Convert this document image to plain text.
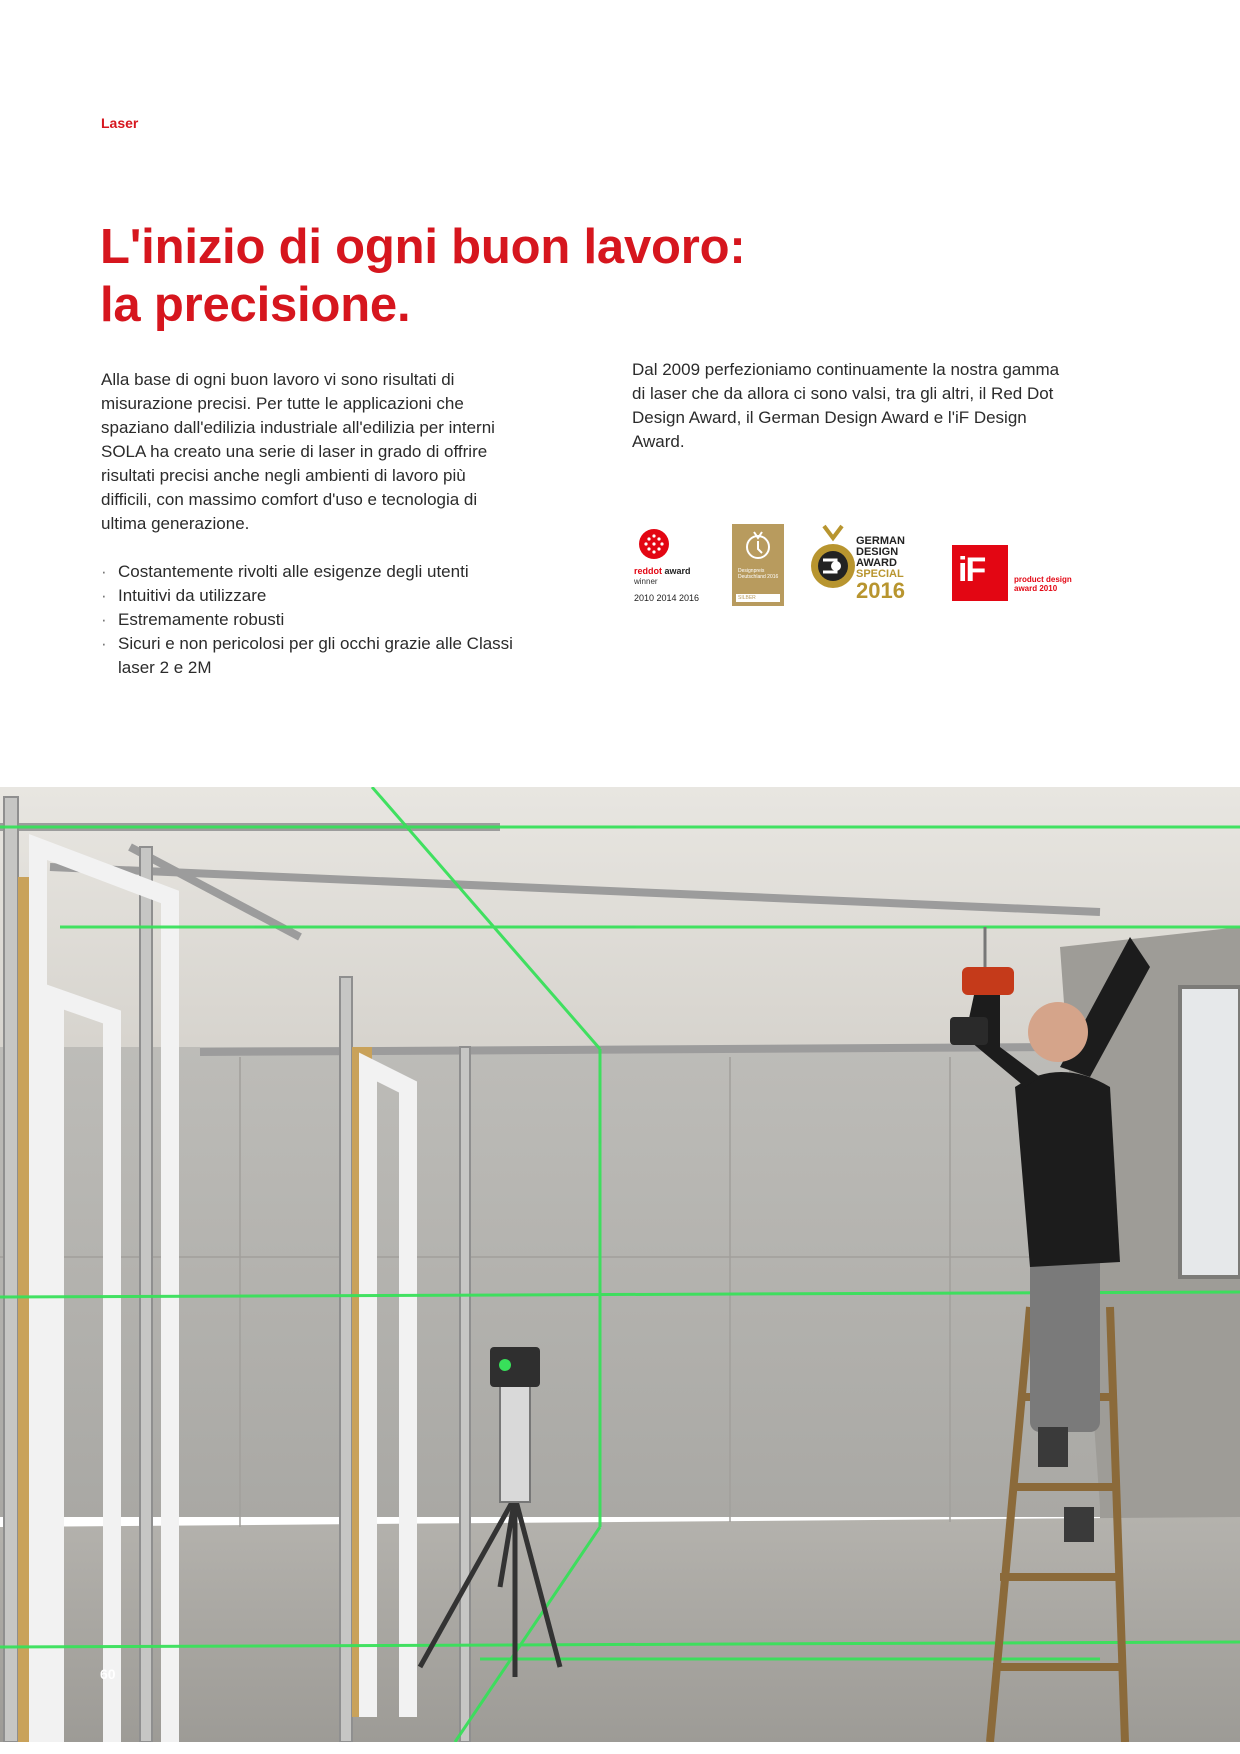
Laser
L'inizio di ogni buon lavoro:
la precisione.

Alla base di ogni buon lavoro vi sono risultati di misurazione precisi. Per tutte le applicazioni che spaziano dall'edilizia industriale all'edilizia per interni SOLA ha creato una serie di laser in grado di offrire risultati precisi anche negli ambienti di lavoro più difficili, con massimo comfort d'uso e tecnologia di ultima generazione.

· Costantemente rivolti alle esigenze degli utenti
· Intuitivi da utilizzare
· Estremamente robusti
· Sicuri e non pericolosi per gli occhi grazie alle Classi laser 2 e 2M

Dal 2009 perfezioniamo continuamente la nostra gamma di laser che da allora ci sono valsi, tra gli altri, il Red Dot Design Award, il German Design Award e l'iF Design Award.

reddot award
winner
2010 2014 2016
Designpreis Deutschland 2016
SILBER
GERMAN
DESIGN
AWARD
SPECIAL
2016
iF	product design award 2010
60
